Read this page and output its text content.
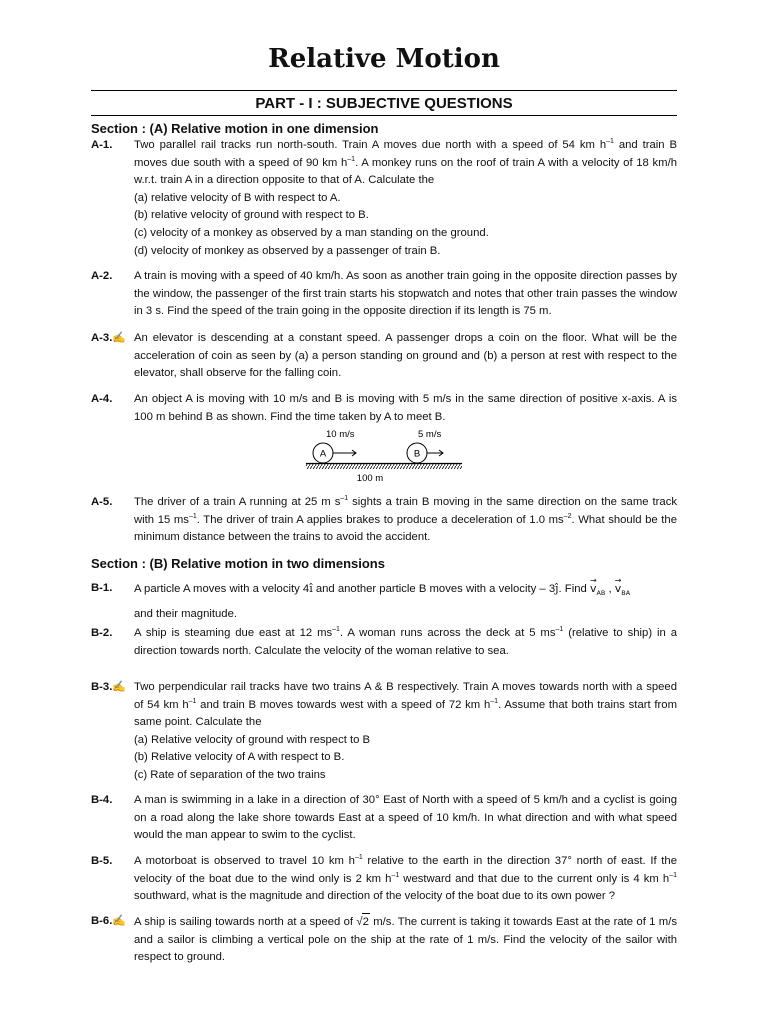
Relative Motion
PART - I : SUBJECTIVE QUESTIONS
Section : (A) Relative motion in one dimension
A-1. Two parallel rail tracks run north-south. Train A moves due north with a speed of 54 km $h^{-1}$ and train B moves due south with a speed of 90 km $h^{-1}$. A monkey runs on the roof of train A with a velocity of 18 km/h w.r.t. train A in a direction opposite to that of A. Calculate the
(a) relative velocity of B with respect to A.
(b) relative velocity of ground with respect to B.
(c) velocity of a monkey as observed by a man standing on the ground.
(d) velocity of monkey as observed by a passenger of train B.
A-2. A train is moving with a speed of 40 km/h. As soon as another train going in the opposite direction passes by the window, the passenger of the first train starts his stopwatch and notes that other train passes the window in 3 s. Find the speed of the train going in the opposite direction if its length is 75 m.
A-3.✍ An elevator is descending at a constant speed. A passenger drops a coin on the floor. What will be the acceleration of coin as seen by (a) a person standing on ground and (b) a person at rest with respect to the elevator, shall observe for the falling coin.
A-4. An object A is moving with 10 m/s and B is moving with 5 m/s in the same direction of positive x-axis. A is 100 m behind B as shown. Find the time taken by A to meet B.
10 m/s	5 m/s
A	B
100 m
A-5. The driver of a train A running at 25 m $s^{-1}$ sights a train B moving in the same direction on the same track with 15 $ms^{-1}$. The driver of train A applies brakes to produce a deceleration of 1.0 $ms^{-2}$. What should be the minimum distance between the trains to avoid the accident.
Section : (B) Relative motion in two dimensions
B-1. A particle A moves with a velocity 4î and another particle B moves with a velocity – 3ĵ. Find → $v_{AB}$ , → $v_{BA}$
and their magnitude.
B-2. A ship is steaming due east at 12 $ms^{-1}$. A woman runs across the deck at 5 $ms^{-1}$ (relative to ship) in a direction towards north. Calculate the velocity of the woman relative to sea.
B-3.✍ Two perpendicular rail tracks have two trains A & B respectively. Train A moves towards north with a speed of 54 km $h^{-1}$ and train B moves towards west with a speed of 72 km $h^{-1}$. Assume that both trains start from same point. Calculate the
(a) Relative velocity of ground with respect to B
(b) Relative velocity of A with respect to B.
(c) Rate of separation of the two trains
B-4. A man is swimming in a lake in a direction of 30° East of North with a speed of 5 km/h and a cyclist is going on a road along the lake shore towards East at a speed of 10 km/h. In what direction and with what speed would the man appear to swim to the cyclist.
B-5. A motorboat is observed to travel 10 km $h^{-1}$ relative to the earth in the direction 37° north of east. If the velocity of the boat due to the wind only is 2 km $h^{-1}$ westward and that due to the current only is 4 km $h^{-1}$ southward, what is the magnitude and direction of the velocity of the boat due to its own power ?
B-6.✍ A ship is sailing towards north at a speed of √2 m/s. The current is taking it towards East at the rate of 1 m/s and a sailor is climbing a vertical pole on the ship at the rate of 1 m/s. Find the velocity of the sailor with respect to ground.
